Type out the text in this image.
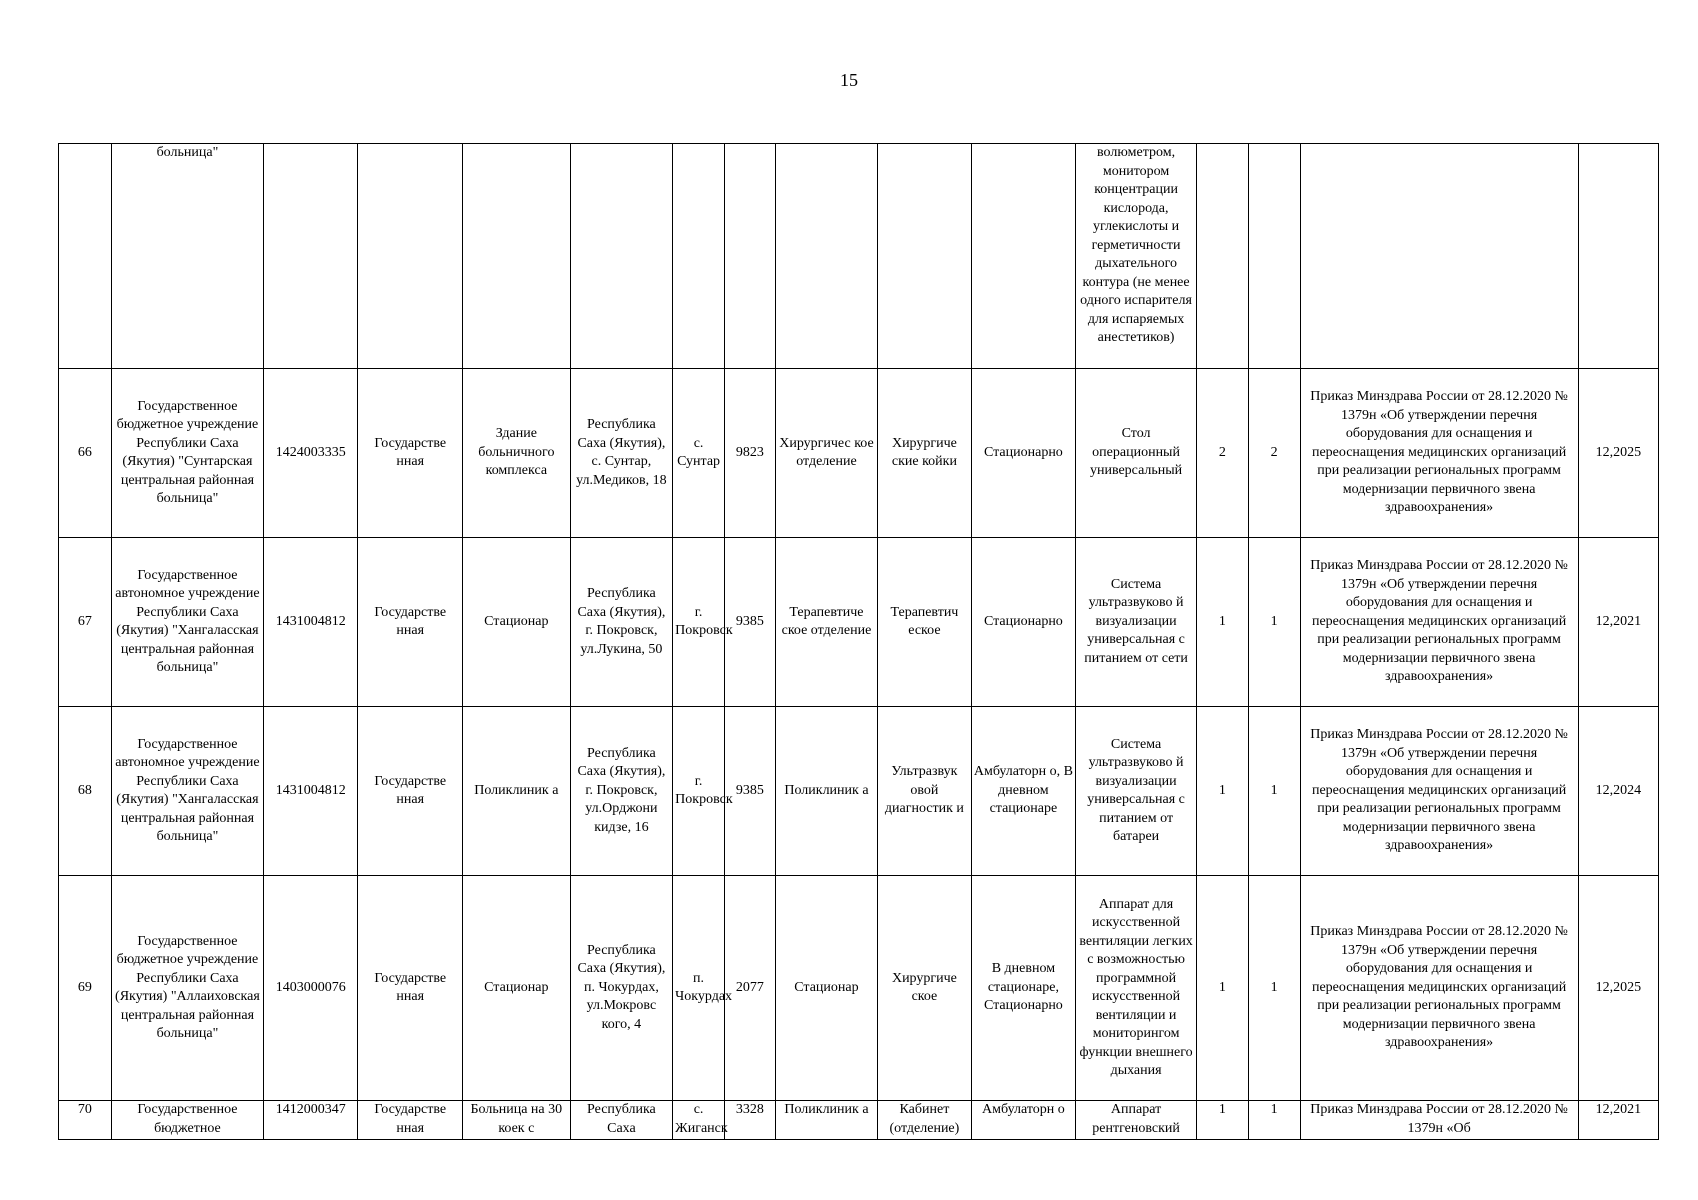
15
	больница"										волюметром, монитором концентрации кислорода, углекислоты и герметичности дыхательного контура (не менее одного испарителя для испаряемых анестетиков)				
66	Государственное бюджетное учреждение Республики Саха (Якутия) "Сунтарская центральная районная больница"	1424003335	Государстве нная	Здание больничного комплекса	Республика Саха (Якутия), с. Сунтар, ул.Медиков, 18	с. Сунтар	9823	Хирургичес кое отделение	Хирургиче ские койки	Стационарно	Стол операционный универсальный	2	2	Приказ Минздрава России от 28.12.2020 № 1379н «Об утверждении перечня оборудования для оснащения и переоснащения медицинских организаций при реализации региональных программ модернизации первичного звена здравоохранения»	12,2025
67	Государственное автономное учреждение Республики Саха (Якутия) "Хангаласская центральная районная больница"	1431004812	Государстве нная	Стационар	Республика Саха (Якутия), г. Покровск, ул.Лукина, 50	г. Покровск	9385	Терапевтиче ское отделение	Терапевтич еское	Стационарно	Система ультразвуково й визуализации универсальная с питанием от сети	1	1	Приказ Минздрава России от 28.12.2020 № 1379н «Об утверждении перечня оборудования для оснащения и переоснащения медицинских организаций при реализации региональных программ модернизации первичного звена здравоохранения»	12,2021
68	Государственное автономное учреждение Республики Саха (Якутия) "Хангаласская центральная районная больница"	1431004812	Государстве нная	Поликлиник а	Республика Саха (Якутия), г. Покровск, ул.Орджони кидзе, 16	г. Покровск	9385	Поликлиник а	Ультразвук овой диагностик и	Амбулаторн о, В дневном стационаре	Система ультразвуково й визуализации универсальная с питанием от батареи	1	1	Приказ Минздрава России от 28.12.2020 № 1379н «Об утверждении перечня оборудования для оснащения и переоснащения медицинских организаций при реализации региональных программ модернизации первичного звена здравоохранения»	12,2024
69	Государственное бюджетное учреждение Республики Саха (Якутия) "Аллаиховская центральная районная больница"	1403000076	Государстве нная	Стационар	Республика Саха (Якутия), п. Чокурдах, ул.Мокровс кого, 4	п. Чокурдах	2077	Стационар	Хирургиче ское	В дневном стационаре, Стационарно	Аппарат для искусственной вентиляции легких с возможностью программной искусственной вентиляции и мониторингом функции внешнего дыхания	1	1	Приказ Минздрава России от 28.12.2020 № 1379н «Об утверждении перечня оборудования для оснащения и переоснащения медицинских организаций при реализации региональных программ модернизации первичного звена здравоохранения»	12,2025
70	Государственное бюджетное	1412000347	Государстве нная	Больница на 30 коек с	Республика Саха	с. Жиганск	3328	Поликлиник а	Кабинет (отделение)	Амбулаторн о	Аппарат рентгеновский	1	1	Приказ Минздрава России от 28.12.2020 № 1379н «Об	12,2021
